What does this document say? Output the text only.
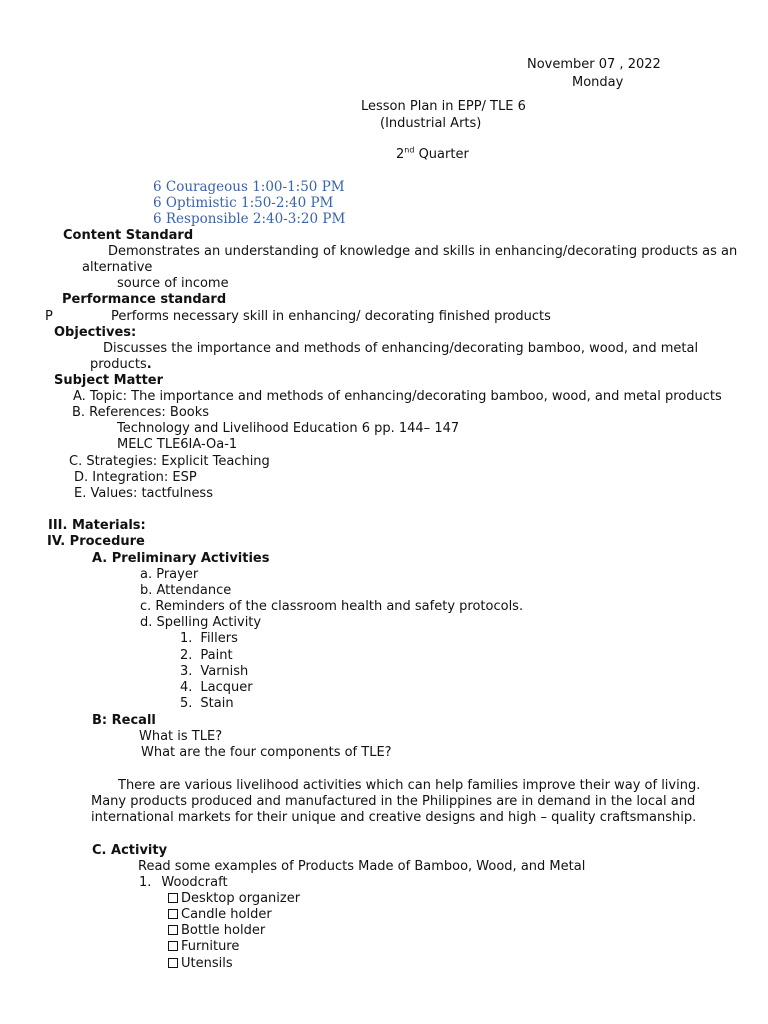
November 07 , 2022
Monday
Lesson Plan in EPP/ TLE 6
(Industrial Arts)
2nd Quarter
6 Courageous 1:00-1:50 PM
6 Optimistic 1:50-2:40 PM
6 Responsible 2:40-3:20 PM
Content Standard
Demonstrates an understanding of knowledge and skills in enhancing/decorating products as an
alternative
source of income
Performance standard
P	Performs necessary skill in enhancing/ decorating finished products
Objectives:
Discusses the importance and methods of enhancing/decorating bamboo, wood, and metal
products.
Subject Matter
A. Topic: The importance and methods of enhancing/decorating bamboo, wood, and metal products
B. References: Books
Technology and Livelihood Education 6 pp. 144– 147
MELC TLE6IA-Oa-1
C. Strategies: Explicit Teaching
D. Integration: ESP
E. Values: tactfulness
III. Materials:
IV. Procedure
A. Preliminary Activities
a. Prayer
b. Attendance
c. Reminders of the classroom health and safety protocols.
d. Spelling Activity
1. Fillers
2. Paint
3. Varnish
4. Lacquer
5. Stain
B: Recall
What is TLE?
What are the four components of TLE?
There are various livelihood activities which can help families improve their way of living.
Many products produced and manufactured in the Philippines are in demand in the local and
international markets for their unique and creative designs and high – quality craftsmanship.
C. Activity
Read some examples of Products Made of Bamboo, Wood, and Metal
1. Woodcraft
Desktop organizer
Candle holder
Bottle holder
Furniture
Utensils
